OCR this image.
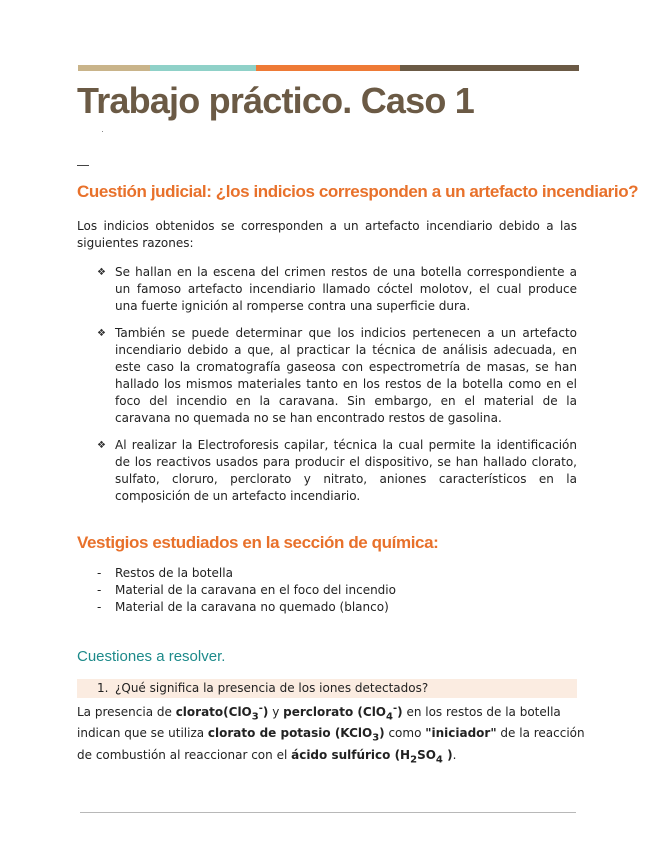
Trabajo práctico. Caso 1
Cuestión judicial: ¿los indicios corresponden a un artefacto incendiario?

Los indicios obtenidos se corresponden a un artefacto incendiario debido a las siguientes razones:

❖ Se hallan en la escena del crimen restos de una botella correspondiente a un famoso artefacto incendiario llamado cóctel molotov, el cual produce una fuerte ignición al romperse contra una superficie dura.
❖ También se puede determinar que los indicios pertenecen a un artefacto incendiario debido a que, al practicar la técnica de análisis adecuada, en este caso la cromatografía gaseosa con espectrometría de masas, se han hallado los mismos materiales tanto en los restos de la botella como en el foco del incendio en la caravana. Sin embargo, en el material de la caravana no quemada no se han encontrado restos de gasolina.
❖ Al realizar la Electroforesis capilar, técnica la cual permite la identificación de los reactivos usados para producir el dispositivo, se han hallado clorato, sulfato, cloruro, perclorato y nitrato, aniones característicos en la composición de un artefacto incendiario.
Vestigios estudiados en la sección de química:
- Restos de la botella
- Material de la caravana en el foco del incendio
- Material de la caravana no quemado (blanco)
Cuestiones a resolver.
1. ¿Qué significa la presencia de los iones detectados?

La presencia de clorato(ClO$_3$-) y perclorato (ClO$_4$-) en los restos de la botella indican que se utiliza clorato de potasio (KClO$_3$) como "iniciador" de la reacción de combustión al reaccionar con el ácido sulfúrico ($H_2SO_4$ ).
